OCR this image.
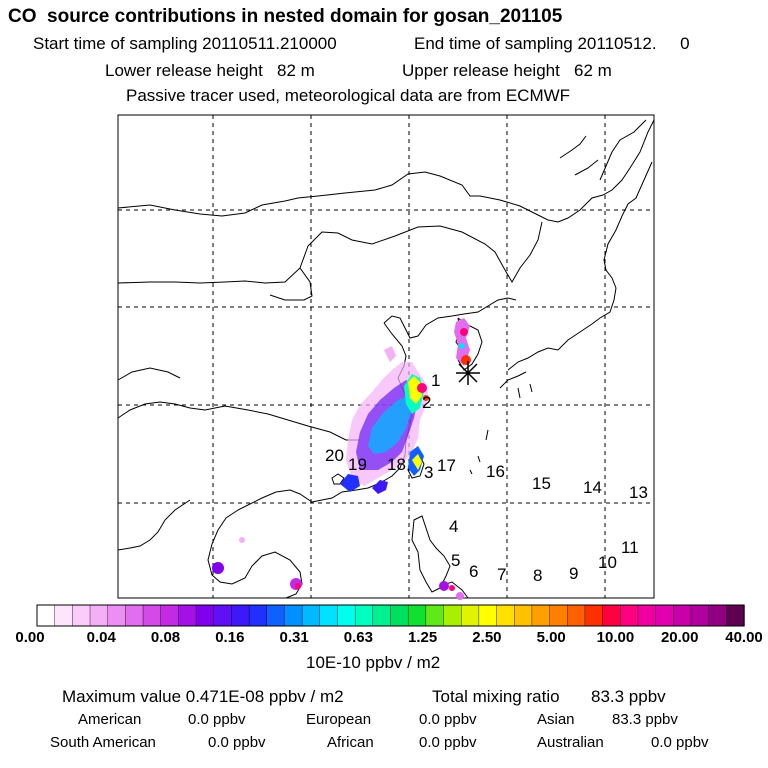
CO  source contributions in nested domain for gosan_201105
Start time of sampling 20110511.210000	End time of sampling 20110512.     0
Lower release height   82 m	Upper release height   62 m
Passive tracer used, meteorological data are from ECMWF
1
2
3
4
5
6 7 8 9
10
11
13
14
15
16
17
18
19
20
0.00	0.04 0.08 0.16 0.31 0.63 1.25 2.50 5.00 10.00 20.00 40.00
10E-10 ppbv / m2
Maximum value 0.471E-08 ppbv / m2	Total mixing ratio 83.3 ppbv
American	0.0 ppbv	European	0.0 ppbv	Asian 83.3 ppbv
South American	0.0 ppbv	African	0.0 ppbv	Australian	0.0 ppbv
